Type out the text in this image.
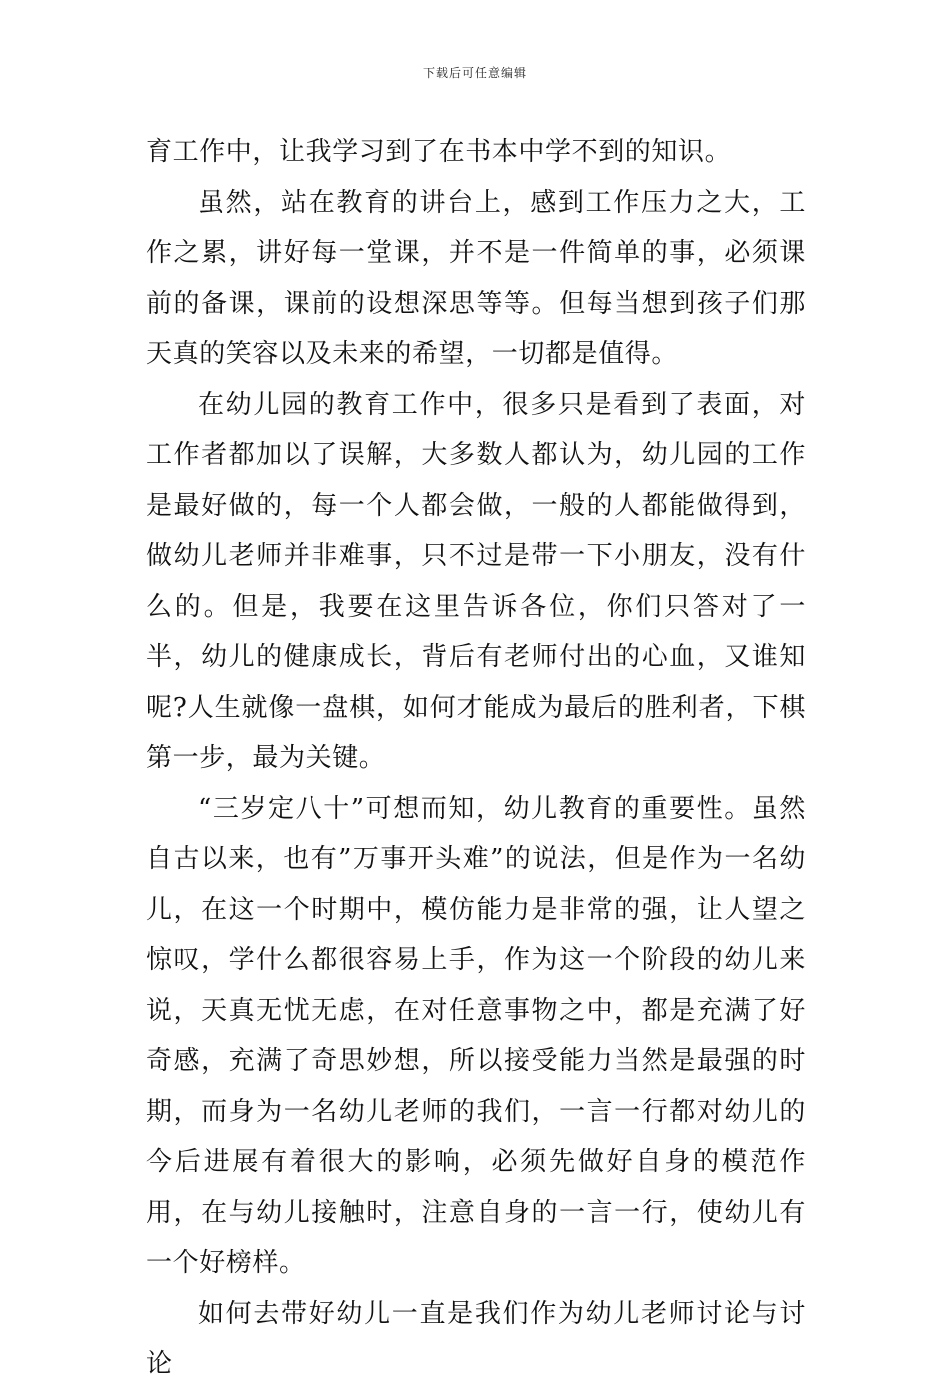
下载后可任意编辑

育工作中，让我学习到了在书本中学不到的知识。

虽然，站在教育的讲台上，感到工作压力之大，工作之累，讲好每一堂课，并不是一件简单的事，必须课前的备课，课前的设想深思等等。但每当想到孩子们那天真的笑容以及未来的希望，一切都是值得。

在幼儿园的教育工作中，很多只是看到了表面，对工作者都加以了误解，大多数人都认为，幼儿园的工作是最好做的，每一个人都会做，一般的人都能做得到，做幼儿老师并非难事，只不过是带一下小朋友，没有什么的。但是，我要在这里告诉各位，你们只答对了一半，幼儿的健康成长，背后有老师付出的心血，又谁知呢?人生就像一盘棋，如何才能成为最后的胜利者，下棋第一步，最为关键。

“三岁定八十”可想而知，幼儿教育的重要性。虽然自古以来，也有”万事开头难”的说法，但是作为一名幼儿，在这一个时期中，模仿能力是非常的强，让人望之惊叹，学什么都很容易上手，作为这一个阶段的幼儿来说，天真无忧无虑，在对任意事物之中，都是充满了好奇感，充满了奇思妙想，所以接受能力当然是最强的时期，而身为一名幼儿老师的我们，一言一行都对幼儿的今后进展有着很大的影响，必须先做好自身的模范作用，在与幼儿接触时，注意自身的一言一行，使幼儿有一个好榜样。

如何去带好幼儿一直是我们作为幼儿老师讨论与讨论
